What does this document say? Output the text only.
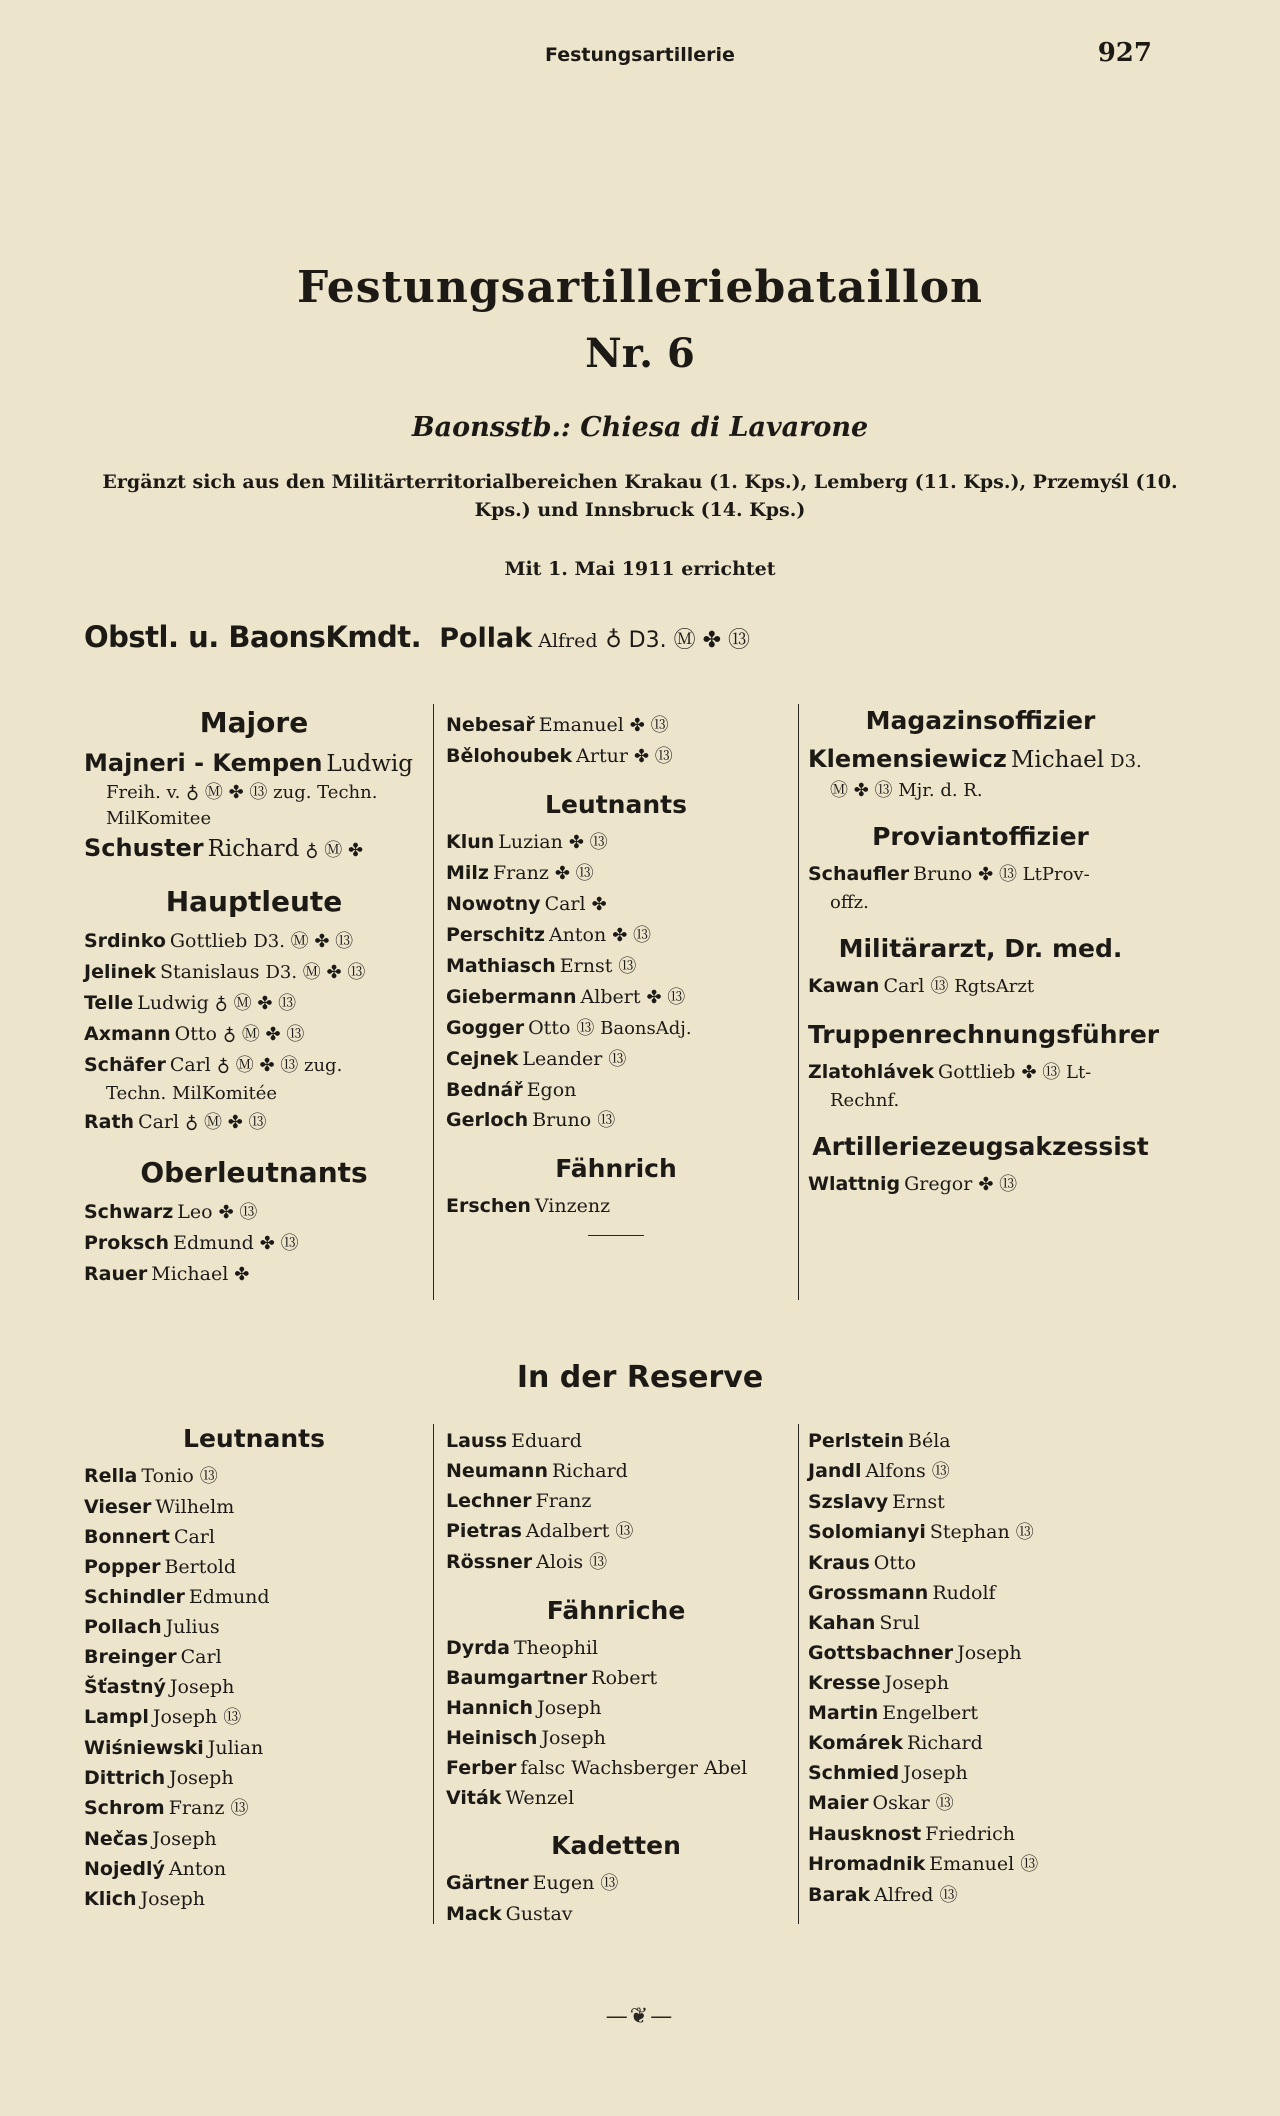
Festungsartillerie	927
Festungsartilleriebataillon
Nr. 6
Baonsstb.: Chiesa di Lavarone
Ergänzt sich aus den Militärterritorialbereichen Krakau (1. Kps.), Lemberg (11. Kps.), Przemyśl (10. Kps.) und Innsbruck (14. Kps.)
Mit 1. Mai 1911 errichtet
Obstl. u. BaonsKmdt. Pollak Alfred ♁ D3. Ⓜ ✤ ⑬
Majore
Majneri - Kempen Ludwig
Freih. v. ♁ Ⓜ ✤ ⑬ zug. Techn. MilKomitee
Schuster Richard ♁ Ⓜ ✤
Hauptleute
Srdinko Gottlieb D3. Ⓜ ✤ ⑬
Jelinek Stanislaus D3. Ⓜ ✤ ⑬
Telle Ludwig ♁ Ⓜ ✤ ⑬
Axmann Otto ♁ Ⓜ ✤ ⑬
Schäfer Carl ♁ Ⓜ ✤ ⑬ zug.
Techn. MilKomitée
Rath Carl ♁ Ⓜ ✤ ⑬
Oberleutnants
Schwarz Leo ✤ ⑬
Proksch Edmund ✤ ⑬
Rauer Michael ✤
Nebesař Emanuel ✤ ⑬
Bělohoubek Artur ✤ ⑬
Leutnants
Klun Luzian ✤ ⑬
Milz Franz ✤ ⑬
Nowotny Carl ✤
Perschitz Anton ✤ ⑬
Mathiasch Ernst ⑬
Giebermann Albert ✤ ⑬
Gogger Otto ⑬ BaonsAdj.
Cejnek Leander ⑬
Bednář Egon
Gerloch Bruno ⑬
Fähnrich
Erschen Vinzenz
Magazinsoffizier
Klemensiewicz Michael D3.
Ⓜ ✤ ⑬ Mjr. d. R.
Proviantoffizier
Schaufler Bruno ✤ ⑬ LtProv-
offz.
Militärarzt, Dr. med.
Kawan Carl ⑬ RgtsArzt
Truppenrechnungsführer
Zlatohlávek Gottlieb ✤ ⑬ Lt-
Rechnf.
Artilleriezeugsakzessist
Wlattnig Gregor ✤ ⑬
In der Reserve
Leutnants
Rella Tonio ⑬
Vieser Wilhelm
Bonnert Carl
Popper Bertold
Schindler Edmund
Pollach Julius
Breinger Carl
Šťastný Joseph
Lampl Joseph ⑬
Wiśniewski Julian
Dittrich Joseph
Schrom Franz ⑬
Nečas Joseph
Nojedlý Anton
Klich Joseph
Lauss Eduard
Neumann Richard
Lechner Franz
Pietras Adalbert ⑬
Rössner Alois ⑬
Fähnriche
Dyrda Theophil
Baumgartner Robert
Hannich Joseph
Heinisch Joseph
Ferber falsc Wachsberger Abel
Viták Wenzel
Kadetten
Gärtner Eugen ⑬
Mack Gustav
Perlstein Béla
Jandl Alfons ⑬
Szslavy Ernst
Solomianyi Stephan ⑬
Kraus Otto
Grossmann Rudolf
Kahan Srul
Gottsbachner Joseph
Kresse Joseph
Martin Engelbert
Komárek Richard
Schmied Joseph
Maier Oskar ⑬
Hausknost Friedrich
Hromadnik Emanuel ⑬
Barak Alfred ⑬
—❦—
